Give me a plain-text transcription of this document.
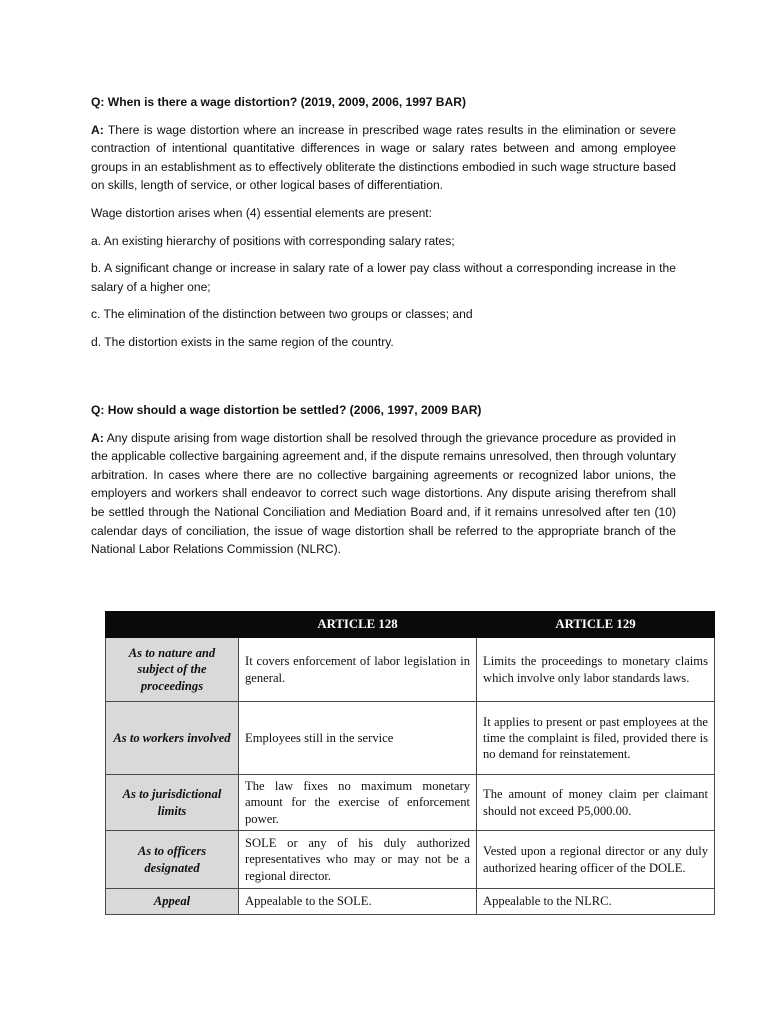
Q: When is there a wage distortion? (2019, 2009, 2006, 1997 BAR)

A: There is wage distortion where an increase in prescribed wage rates results in the elimination or severe contraction of intentional quantitative differences in wage or salary rates between and among employee groups in an establishment as to effectively obliterate the distinctions embodied in such wage structure based on skills, length of service, or other logical bases of differentiation.

Wage distortion arises when (4) essential elements are present:

a. An existing hierarchy of positions with corresponding salary rates;

b. A significant change or increase in salary rate of a lower pay class without a corresponding increase in the salary of a higher one;

c. The elimination of the distinction between two groups or classes; and

d. The distortion exists in the same region of the country.

Q: How should a wage distortion be settled? (2006, 1997, 2009 BAR)

A: Any dispute arising from wage distortion shall be resolved through the grievance procedure as provided in the applicable collective bargaining agreement and, if the dispute remains unresolved, then through voluntary arbitration. In cases where there are no collective bargaining agreements or recognized labor unions, the employers and workers shall endeavor to correct such wage distortions. Any dispute arising therefrom shall be settled through the National Conciliation and Mediation Board and, if it remains unresolved after ten (10) calendar days of conciliation, the issue of wage distortion shall be referred to the appropriate branch of the National Labor Relations Commission (NLRC).

	ARTICLE 128	ARTICLE 129
As to nature and subject of the proceedings	It covers enforcement of labor legislation in general.	Limits the proceedings to monetary claims which involve only labor standards laws.
As to workers involved	Employees still in the service	It applies to present or past employees at the time the complaint is filed, provided there is no demand for reinstatement.
As to jurisdictional limits	The law fixes no maximum monetary amount for the exercise of enforcement power.	The amount of money claim per claimant should not exceed P5,000.00.
As to officers designated	SOLE or any of his duly authorized representatives who may or may not be a regional director.	Vested upon a regional director or any duly authorized hearing officer of the DOLE.
Appeal	Appealable to the SOLE.	Appealable to the NLRC.
